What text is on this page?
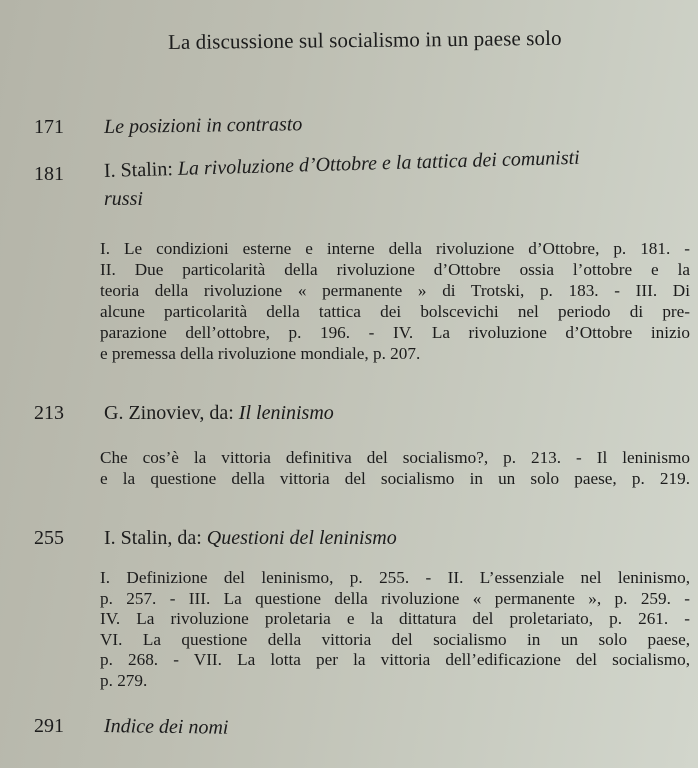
La discussione sul socialismo in un paese solo
171 Le posizioni in contrasto
181 I. Stalin: La rivoluzione d’Ottobre e la tattica dei comunisti
russi
I. Le condizioni esterne e interne della rivoluzione d’Ottobre, p. 181. -
II. Due particolarità della rivoluzione d’Ottobre ossia l’ottobre e la
teoria della rivoluzione « permanente » di Trotski, p. 183. - III. Di
alcune particolarità della tattica dei bolscevichi nel periodo di pre-
parazione dell’ottobre, p. 196. - IV. La rivoluzione d’Ottobre inizio
e premessa della rivoluzione mondiale, p. 207.
213 G. Zinoviev, da: Il leninismo
Che cos’è la vittoria definitiva del socialismo?, p. 213. - Il leninismo
e la questione della vittoria del socialismo in un solo paese, p. 219.
255 I. Stalin, da: Questioni del leninismo
I. Definizione del leninismo, p. 255. - II. L’essenziale nel leninismo,
p. 257. - III. La questione della rivoluzione « permanente », p. 259. -
IV. La rivoluzione proletaria e la dittatura del proletariato, p. 261. -
VI. La questione della vittoria del socialismo in un solo paese,
p. 268. - VII. La lotta per la vittoria dell’edificazione del socialismo,
p. 279.
291 Indice dei nomi
